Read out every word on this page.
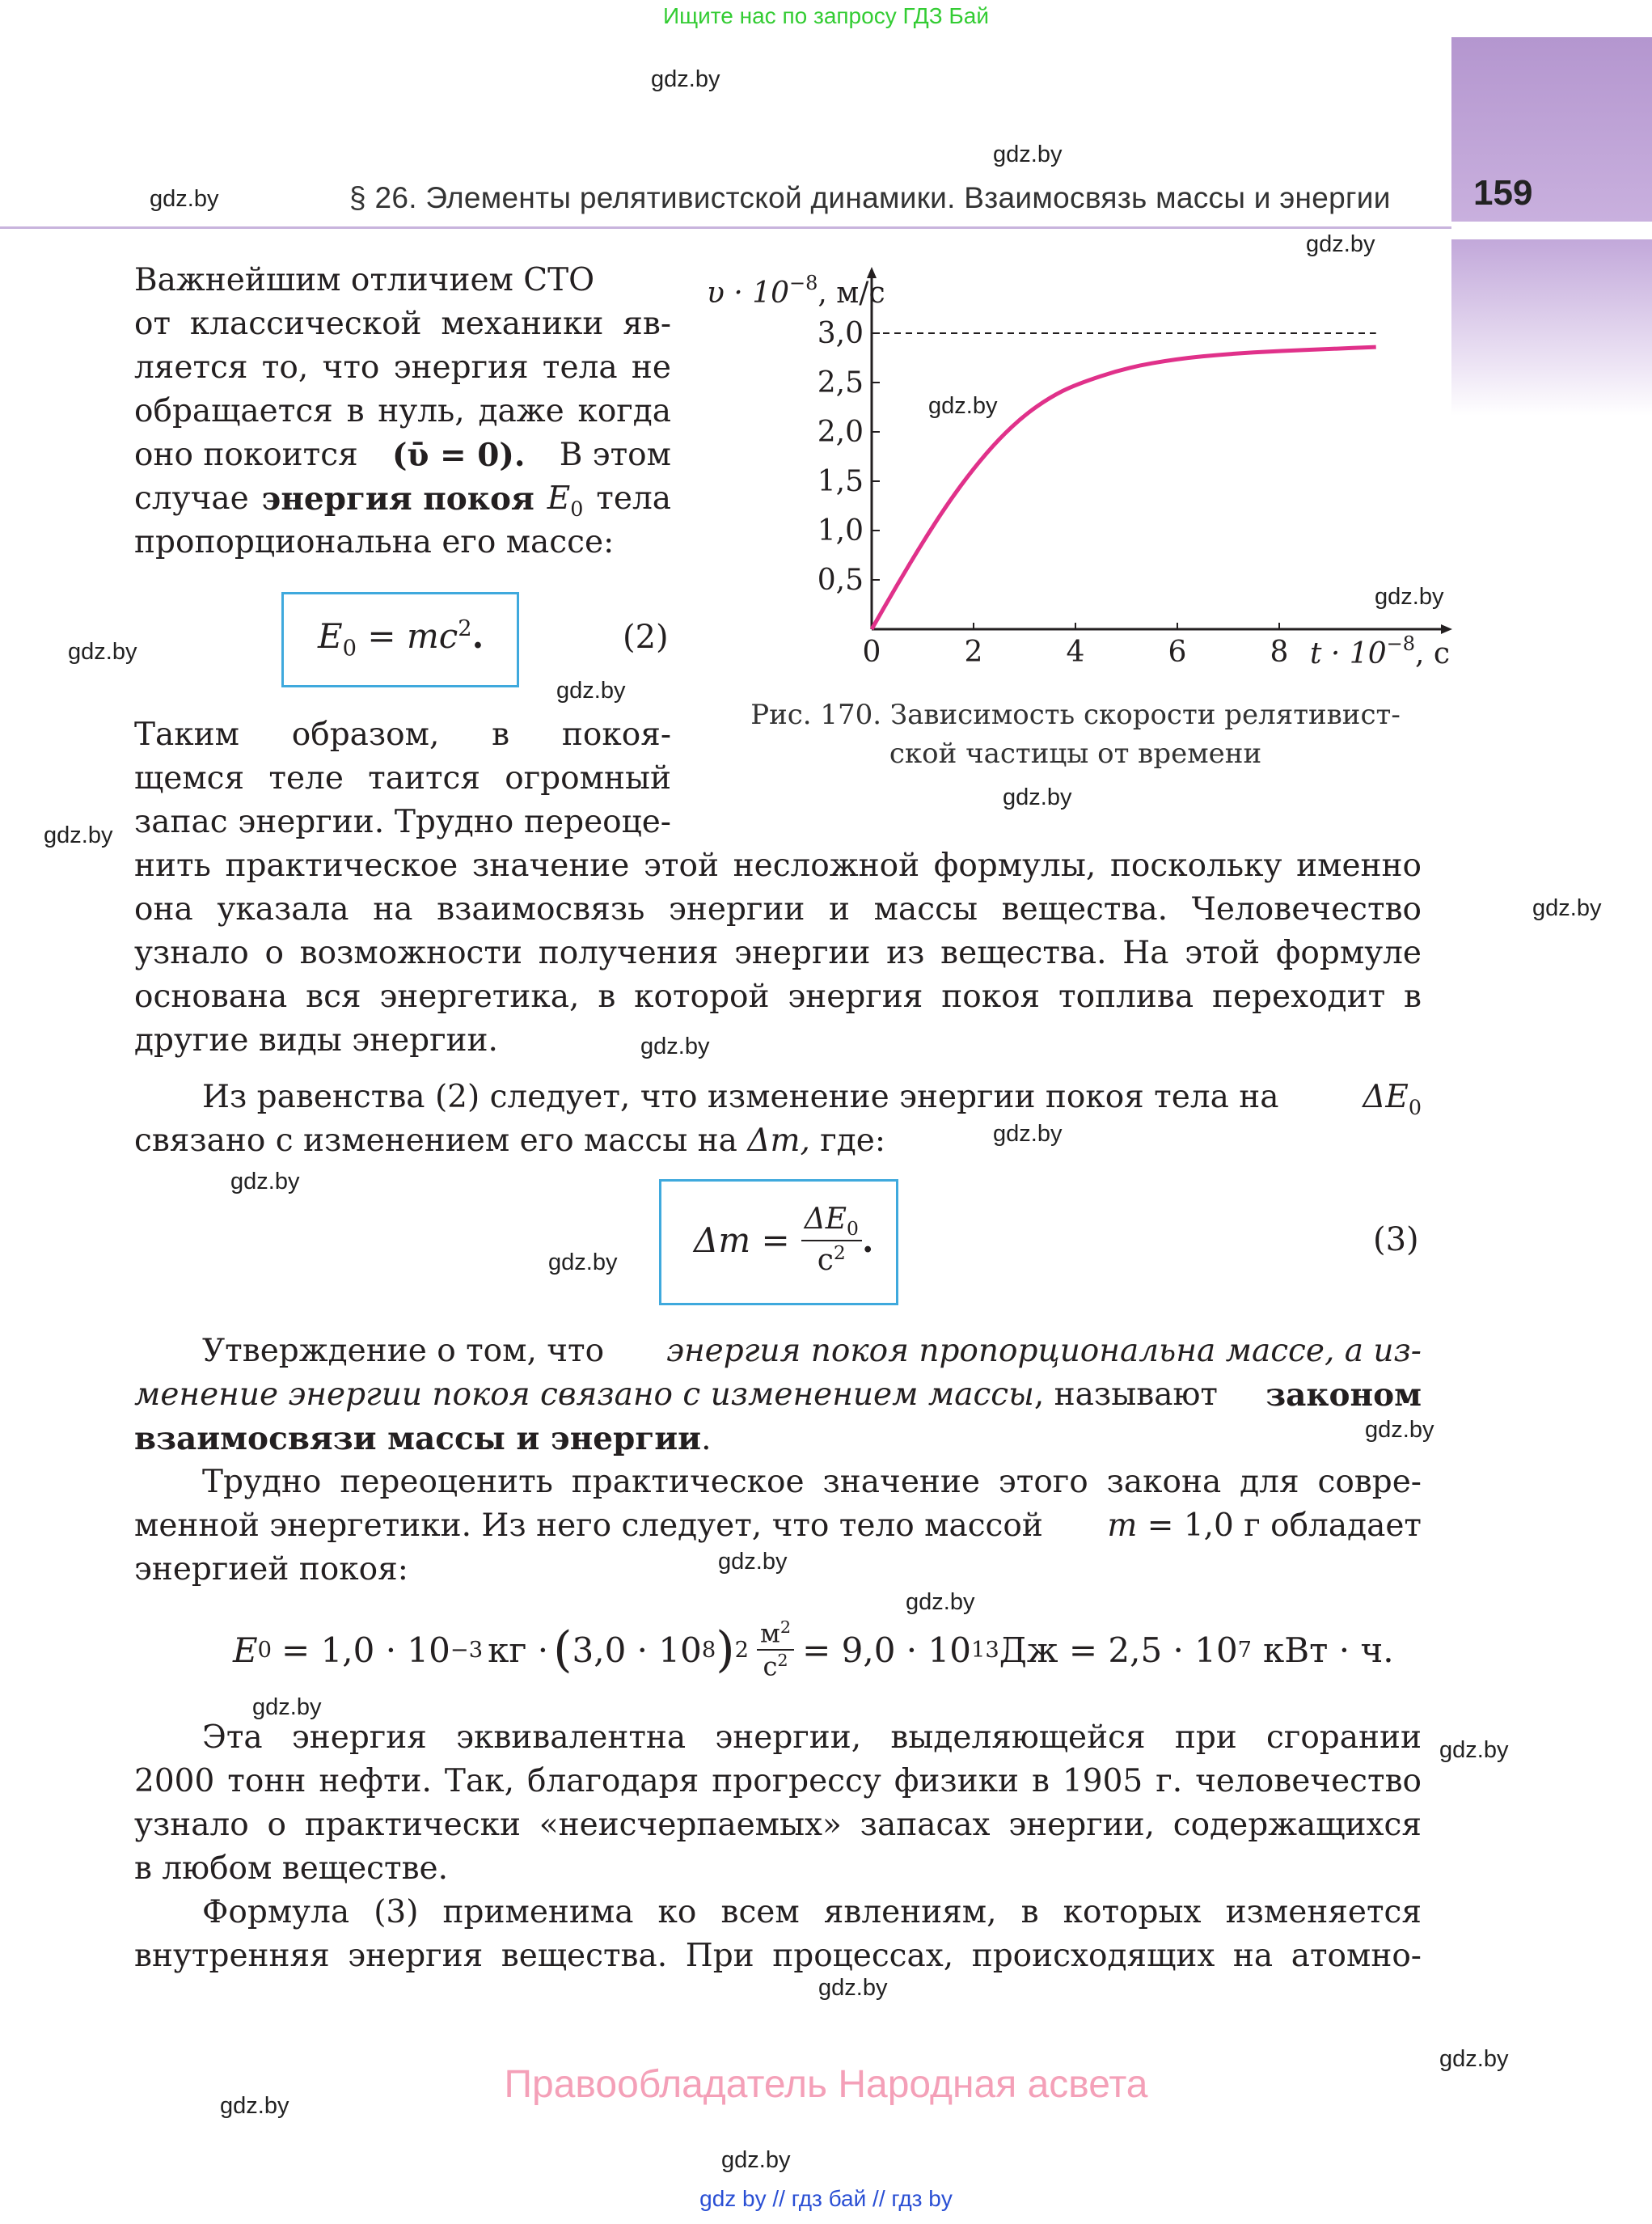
Ищите нас по запросу ГДЗ Бай
§ 26. Элементы релятивистской динамики. Взаимосвязь массы и энергии 159
gdz.by
gdz.by
gdz.by
gdz.by
gdz.by
gdz.by
gdz.by
gdz.by
gdz.by
gdz.by
gdz.by
gdz.by
gdz.by
gdz.by
gdz.by
gdz.by
gdz.by
gdz.by
gdz.by
gdz.by
gdz.by
gdz.by
gdz.by
gdz.by
Важнейшим отличием СТО
от классической механики яв-
ляется то, что энергия тела не
обращается в нуль, даже когда
оно покоится (ῡ = 0). В этом
случае энергия покоя $E_0$ тела
пропорциональна его массе:
$E_0 = mc^2$.	(2)	0	2	4	6	8
0,5
1,0
1,5
2,0
2,5
3,0
$\upsilon \cdot 10^{-8}$, м/с
$t \cdot 10^{-8}$, с
Рис. 170. Зависимость скорости релятивист-
ской частицы от времени
Таким образом, в покоя-
щемся теле таится огромный
запас энергии. Трудно переоце-
нить практическое значение этой несложной формулы, поскольку именно
она указала на взаимосвязь энергии и массы вещества. Человечество
узнало о возможности получения энергии из вещества. На этой формуле
основана вся энергетика, в которой энергия покоя топлива переходит в
другие виды энергии.
Из равенства (2) следует, что изменение энергии покоя тела на	$\Delta E_0$
связано с изменением его массы на Δm, где:
$\Delta m = \frac{\Delta E_0}{c^2}$ .	(3)
Утверждение о том, что энергия покоя пропорциональна массе, а из-
менение энергии покоя связано с изменением массы, называют законом
взаимосвязи массы и энергии.
Трудно переоценить практическое значение этого закона для совре-
менной энергетики. Из него следует, что тело массой m = 1,0 г обладает
энергией покоя:
E 0 = 1,0 · 10 −3 кг · ( 3,0 · 10 8 ) 2
$м^2$
$с^2 = 9,0 \cdot 10$ 13 Дж = 2,5 · 10 7 кВт · ч.
Эта энергия эквивалентна энергии, выделяющейся при сгорании
2000 тонн нефти. Так, благодаря прогрессу физики в 1905 г. человечество
узнало о практически «неисчерпаемых» запасах энергии, содержащихся
в любом веществе.
Формула (3) применима ко всем явлениям, в которых изменяется
внутренняя энергия вещества. При процессах, происходящих на атомно-
Правообладатель Народная асвета
gdz by // гдз бай // гдз by
